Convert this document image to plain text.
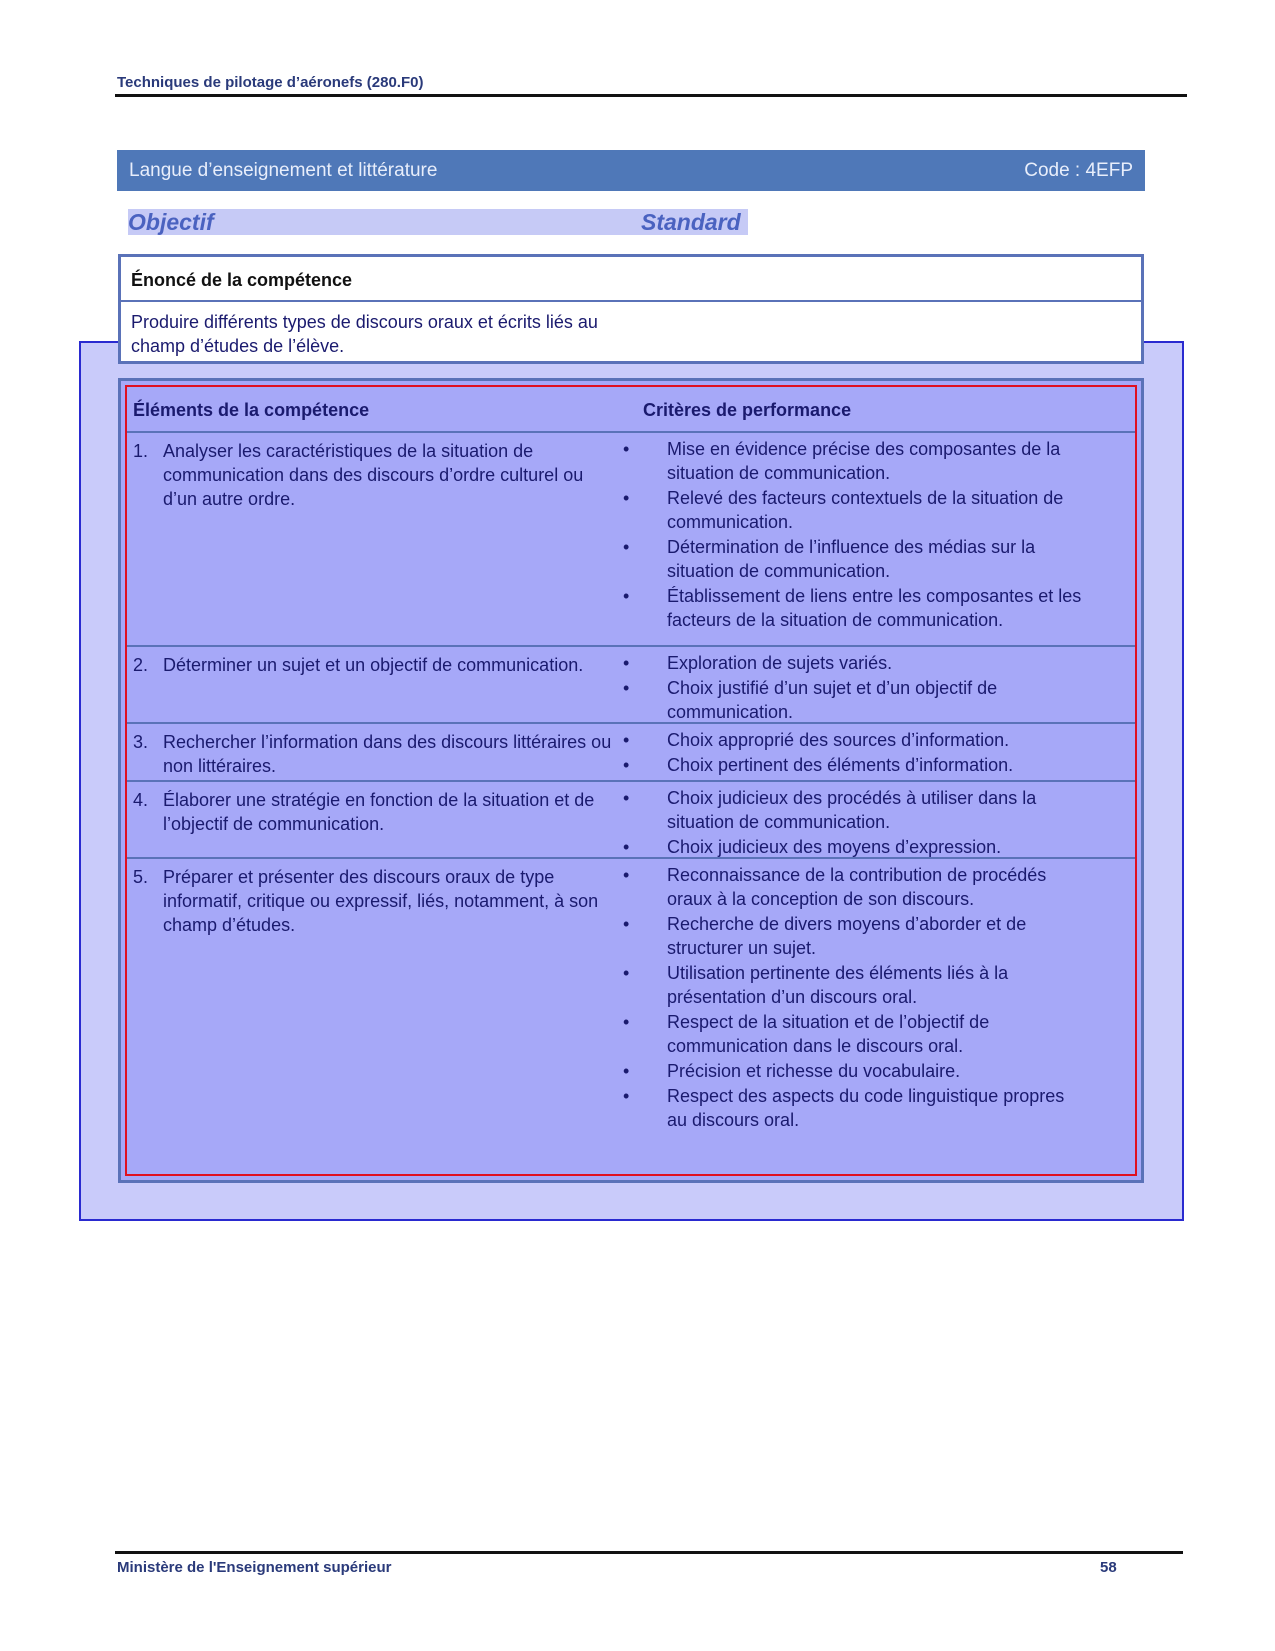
Techniques de pilotage d’aéronefs (280.F0)
Langue d’enseignement et littérature	Code : 4EFP
Objectif	Standard
Énoncé de la compétence
Produire différents types de discours oraux et écrits liés au champ d’études de l’élève.
Éléments de la compétence	Critères de performance
1. Analyser les caractéristiques de la situation de communication dans des discours d’ordre culturel ou d’un autre ordre.
• Mise en évidence précise des composantes de la situation de communication.
• Relevé des facteurs contextuels de la situation de communication.
• Détermination de l’influence des médias sur la situation de communication.
• Établissement de liens entre les composantes et les facteurs de la situation de communication.
2. Déterminer un sujet et un objectif de communication. • Exploration de sujets variés.
• Choix justifié d’un sujet et d’un objectif de communication.
3. Rechercher l’information dans des discours littéraires ou non littéraires.
• Choix approprié des sources d’information.
• Choix pertinent des éléments d’information.
4. Élaborer une stratégie en fonction de la situation et de l’objectif de communication.
• Choix judicieux des procédés à utiliser dans la situation de communication.
• Choix judicieux des moyens d’expression.
5. Préparer et présenter des discours oraux de type informatif, critique ou expressif, liés, notamment, à son champ d’études.
• Reconnaissance de la contribution de procédés oraux à la conception de son discours.
• Recherche de divers moyens d’aborder et de structurer un sujet.
• Utilisation pertinente des éléments liés à la présentation d’un discours oral.
• Respect de la situation et de l’objectif de communication dans le discours oral.
• Précision et richesse du vocabulaire.
• Respect des aspects du code linguistique propres au discours oral.
Ministère de l'Enseignement supérieur	58
